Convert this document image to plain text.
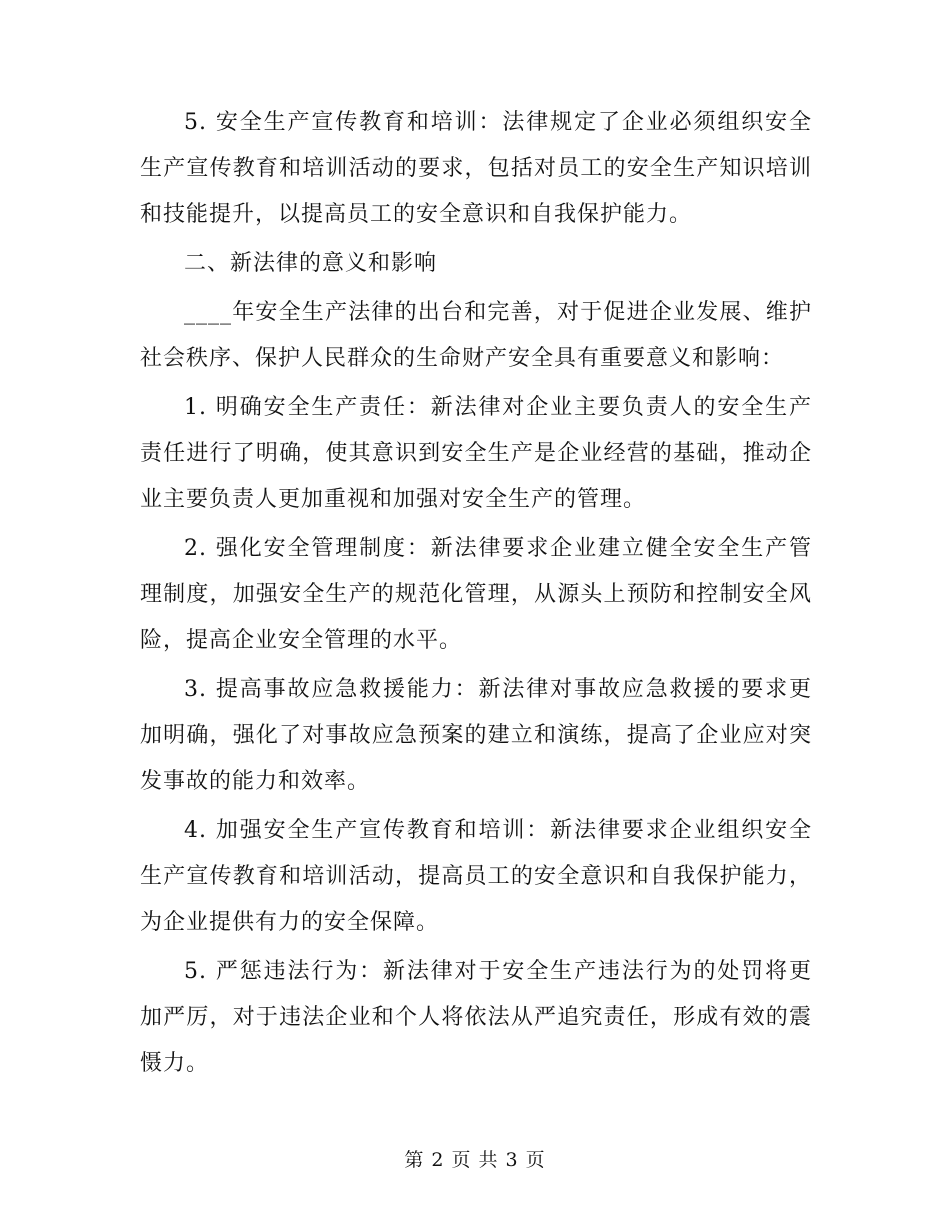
5. 安全生产宣传教育和培训：法律规定了企业必须组织安全生产宣传教育和培训活动的要求，包括对员工的安全生产知识培训和技能提升，以提高员工的安全意识和自我保护能力。

二、新法律的意义和影响

____年安全生产法律的出台和完善，对于促进企业发展、维护社会秩序、保护人民群众的生命财产安全具有重要意义和影响：

1. 明确安全生产责任：新法律对企业主要负责人的安全生产责任进行了明确，使其意识到安全生产是企业经营的基础，推动企业主要负责人更加重视和加强对安全生产的管理。

2. 强化安全管理制度：新法律要求企业建立健全安全生产管理制度，加强安全生产的规范化管理，从源头上预防和控制安全风险，提高企业安全管理的水平。

3. 提高事故应急救援能力：新法律对事故应急救援的要求更加明确，强化了对事故应急预案的建立和演练，提高了企业应对突发事故的能力和效率。

4. 加强安全生产宣传教育和培训：新法律要求企业组织安全生产宣传教育和培训活动，提高员工的安全意识和自我保护能力，为企业提供有力的安全保障。

5. 严惩违法行为：新法律对于安全生产违法行为的处罚将更加严厉，对于违法企业和个人将依法从严追究责任，形成有效的震慑力。

第 2 页 共 3 页
